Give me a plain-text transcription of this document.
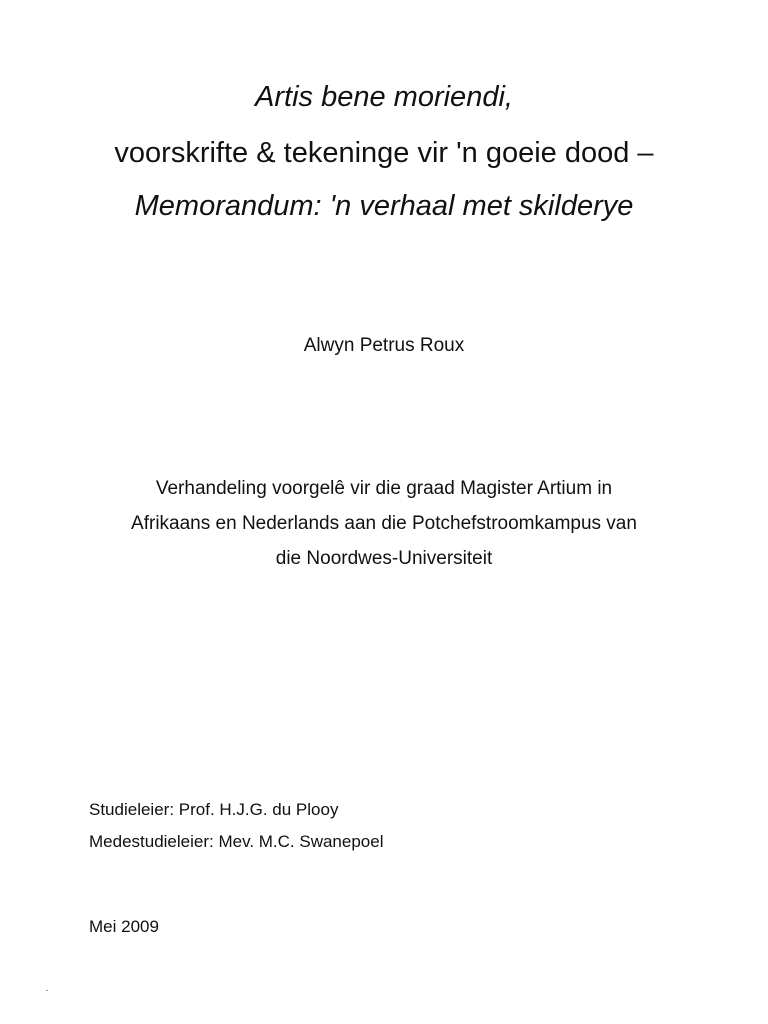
Artis bene moriendi,
voorskrifte & tekeninge vir 'n goeie dood –
Memorandum: 'n verhaal met skilderye
Alwyn Petrus Roux
Verhandeling voorgelê vir die graad Magister Artium in
Afrikaans en Nederlands aan die Potchefstroomkampus van
die Noordwes-Universiteit
Studieleier: Prof. H.J.G. du Plooy
Medestudieleier: Mev. M.C. Swanepoel
Mei 2009
